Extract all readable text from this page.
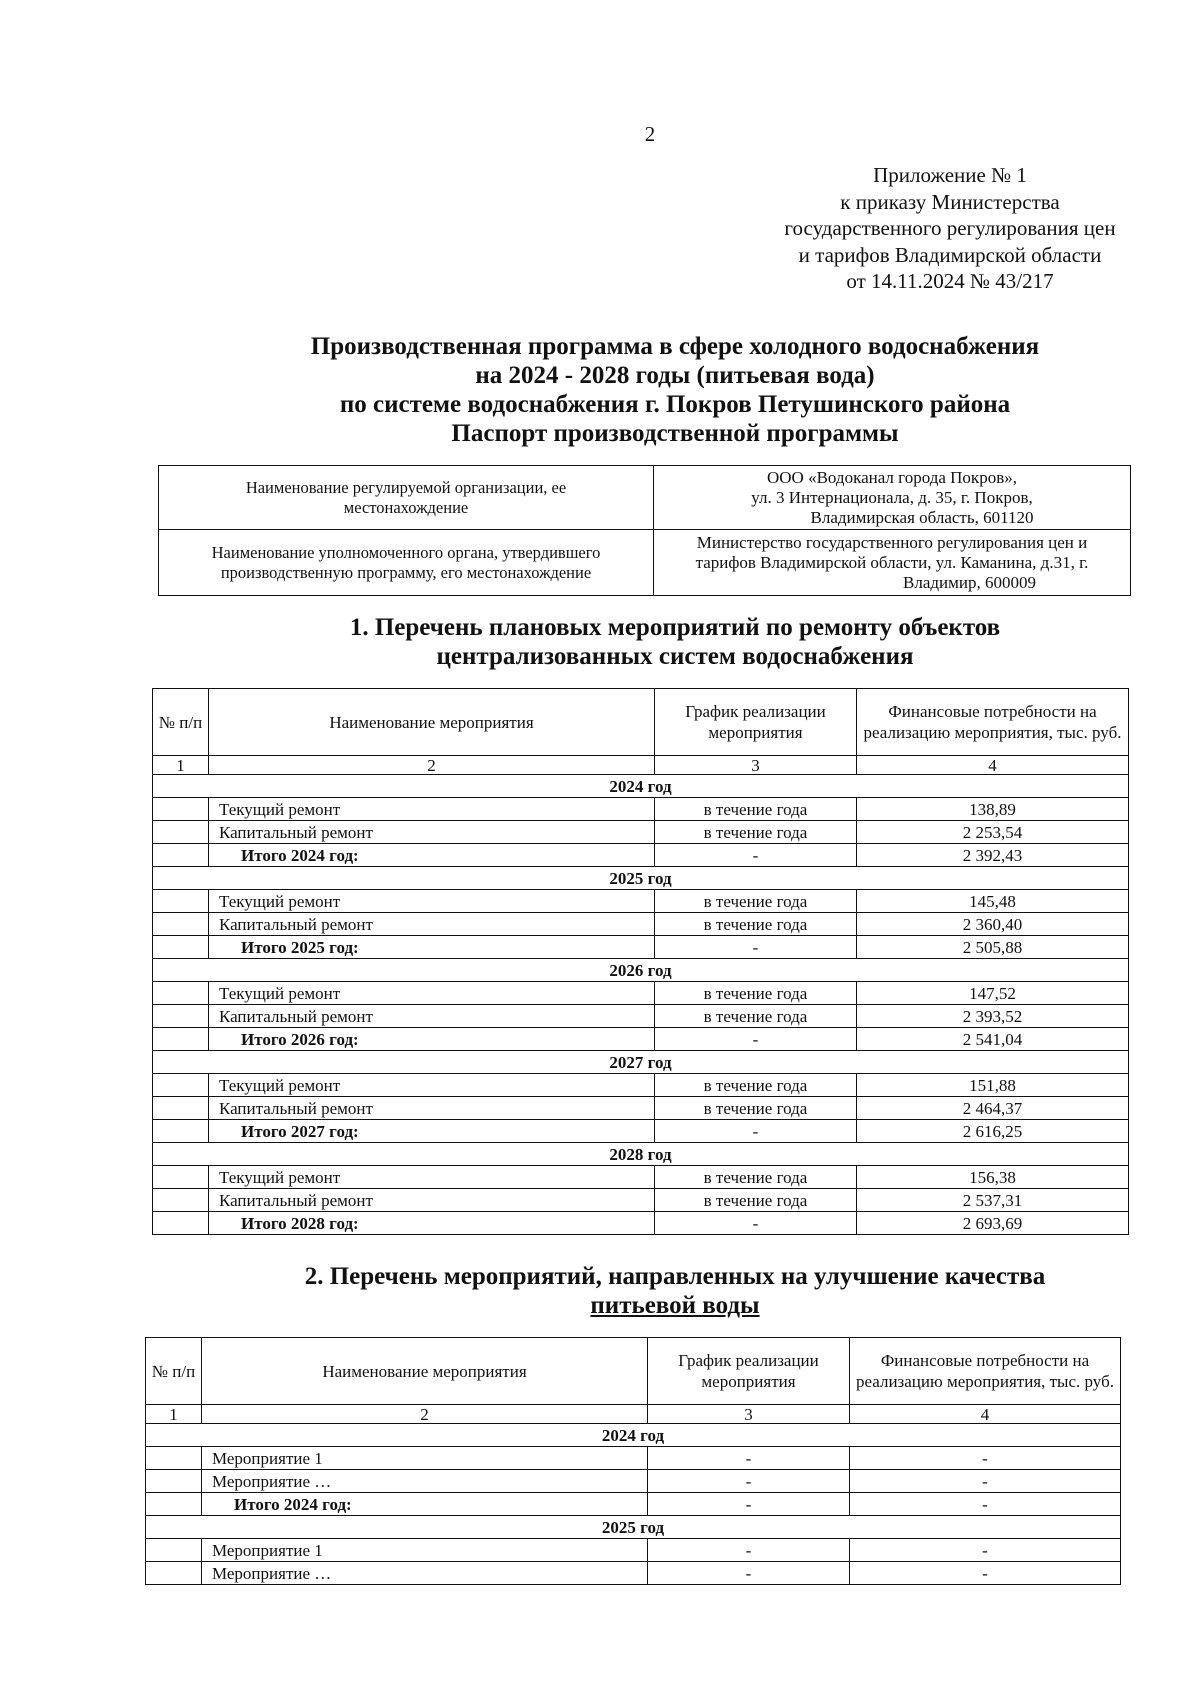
2
Приложение № 1
к приказу Министерства
государственного регулирования цен
и тарифов Владимирской области
от 14.11.2024 № 43/217
Производственная программа в сфере холодного водоснабжения
на 2024 - 2028 годы (питьевая вода)
по системе водоснабжения г. Покров Петушинского района
Паспорт производственной программы
Наименование регулируемой организации, ее местонахождение	ООО «Водоканал города Покров»,
ул. 3 Интернационала, д. 35, г. Покров,
Владимирская область, 601120

Наименование уполномоченного органа, утвердившего производственную программу, его местонахождение	Министерство государственного регулирования цен и
тарифов Владимирской области, ул. Каманина, д.31, г.
Владимир, 600009
1. Перечень плановых мероприятий по ремонту объектов
централизованных систем водоснабжения
№ п/п	Наименование мероприятия	График реализации мероприятия	Финансовые потребности на реализацию мероприятия, тыс. руб.
1	2	3	4
2024 год			
	Текущий ремонт	в течение года	138,89
	Капитальный ремонт	в течение года	2 253,54
	Итого 2024 год:	-	2 392,43
2025 год			
	Текущий ремонт	в течение года	145,48
	Капитальный ремонт	в течение года	2 360,40
	Итого 2025 год:	-	2 505,88
2026 год			
	Текущий ремонт	в течение года	147,52
	Капитальный ремонт	в течение года	2 393,52
	Итого 2026 год:	-	2 541,04
2027 год			
	Текущий ремонт	в течение года	151,88
	Капитальный ремонт	в течение года	2 464,37
	Итого 2027 год:	-	2 616,25
2028 год			
	Текущий ремонт	в течение года	156,38
	Капитальный ремонт	в течение года	2 537,31
	Итого 2028 год:	-	2 693,69
2. Перечень мероприятий, направленных на улучшение качества
питьевой воды
№ п/п	Наименование мероприятия	График реализации мероприятия	Финансовые потребности на реализацию мероприятия, тыс. руб.
1	2	3	4
2024 год			
	Мероприятие 1	-	-
	Мероприятие …	-	-
	Итого 2024 год:	-	-
2025 год			
	Мероприятие 1	-	-
	Мероприятие …	-	-
